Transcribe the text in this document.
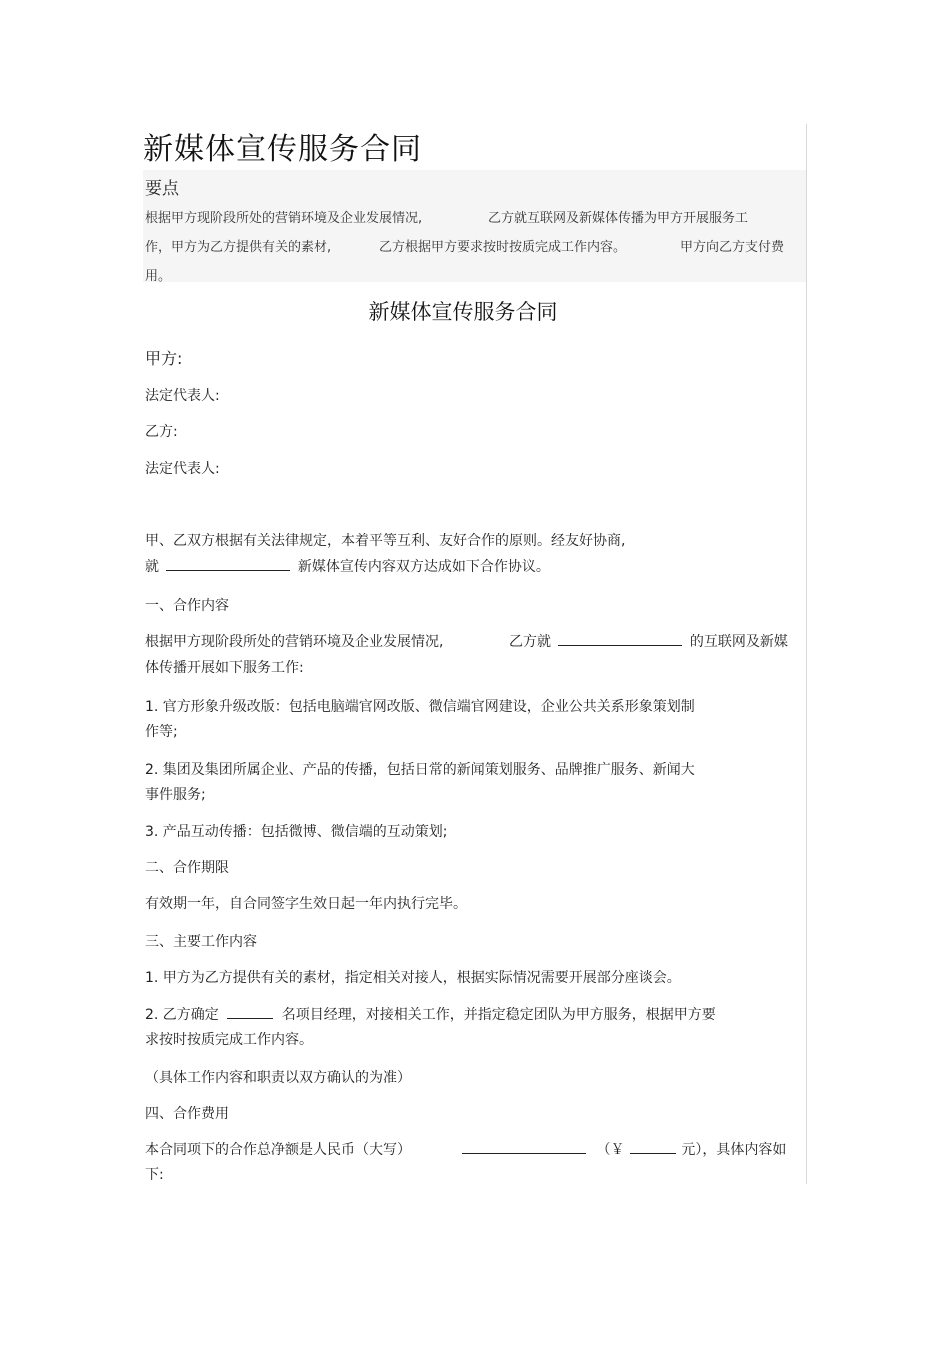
新媒体宣传服务合同
要点
根据甲方现阶段所处的营销环境及企业发展情况,	乙方就互联网及新媒体传播为甲方开展服务工
作，甲方为乙方提供有关的素材,	乙方根据甲方要求按时按质完成工作内容。	甲方向乙方支付费
用。
新媒体宣传服务合同
甲方:
法定代表人:
乙方:
法定代表人:
甲、乙双方根据有关法律规定，本着平等互利、友好合作的原则。经友好协商,
就	新媒体宣传内容双方达成如下合作协议。
一、合作内容
根据甲方现阶段所处的营销环境及企业发展情况,	乙方就	的互联网及新媒
体传播开展如下服务工作:
1. 官方形象升级改版：包括电脑端官网改版、微信端官网建设，企业公共关系形象策划制
作等;
2. 集团及集团所属企业、产品的传播，包括日常的新闻策划服务、品牌推广服务、新闻大
事件服务;
3. 产品互动传播：包括微博、微信端的互动策划;
二、合作期限
有效期一年，自合同签字生效日起一年内执行完毕。
三、主要工作内容
1. 甲方为乙方提供有关的素材，指定相关对接人，根据实际情况需要开展部分座谈会。
2. 乙方确定	名项目经理，对接相关工作，并指定稳定团队为甲方服务，根据甲方要
求按时按质完成工作内容。
（具体工作内容和职责以双方确认的为准）
四、合作费用
本合同项下的合作总净额是人民币（大写）	（￥	元），具体内容如
下:
